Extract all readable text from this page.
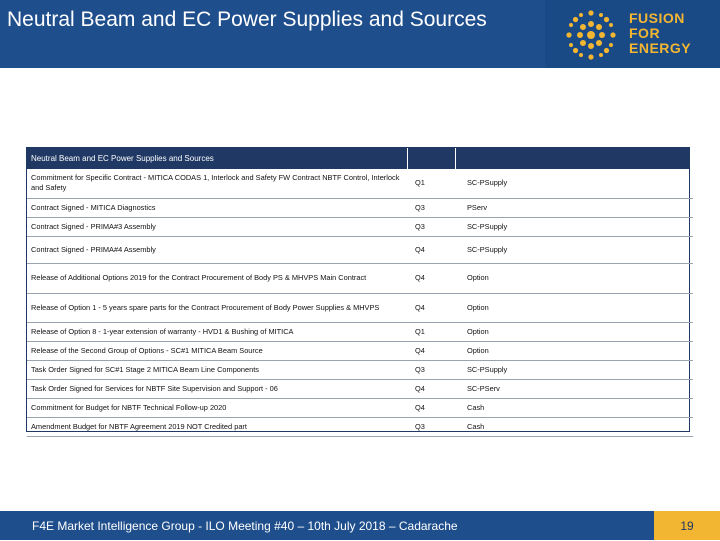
Neutral Beam and EC Power Supplies and Sources	FUSION
FOR
ENERGY
Neutral Beam and EC Power Supplies and Sources
Commitment for Specific Contract - MITICA CODAS 1, Interlock and Safety FW Contract NBTF Control, Interlock and Safety	Q1	SC-PSupply
Contract Signed - MITICA Diagnostics	Q3	PServ
Contract Signed - PRIMA#3 Assembly	Q3	SC-PSupply
Contract Signed - PRIMA#4 Assembly	Q4	SC-PSupply
Release of Additional Options 2019 for the Contract Procurement of Body PS & MHVPS Main Contract	Q4	Option
Release of Option 1 - 5 years spare parts for the Contract Procurement of Body Power Supplies & MHVPS	Q4	Option
Release of Option 8 - 1-year extension of warranty - HVD1 & Bushing of MITICA	Q1	Option
Release of the Second Group of Options - SC#1 MITICA Beam Source	Q4	Option
Task Order Signed for SC#1 Stage 2 MITICA Beam Line Components	Q3	SC-PSupply
Task Order Signed for Services for NBTF Site Supervision and Support - 06	Q4	SC-PServ
Commitment for Budget for NBTF Technical Follow-up 2020	Q4	Cash
Amendment Budget for NBTF Agreement 2019 NOT Credited part	Q3	Cash
F4E Market Intelligence Group - ILO Meeting #40 – 10th July 2018 – Cadarache	19
